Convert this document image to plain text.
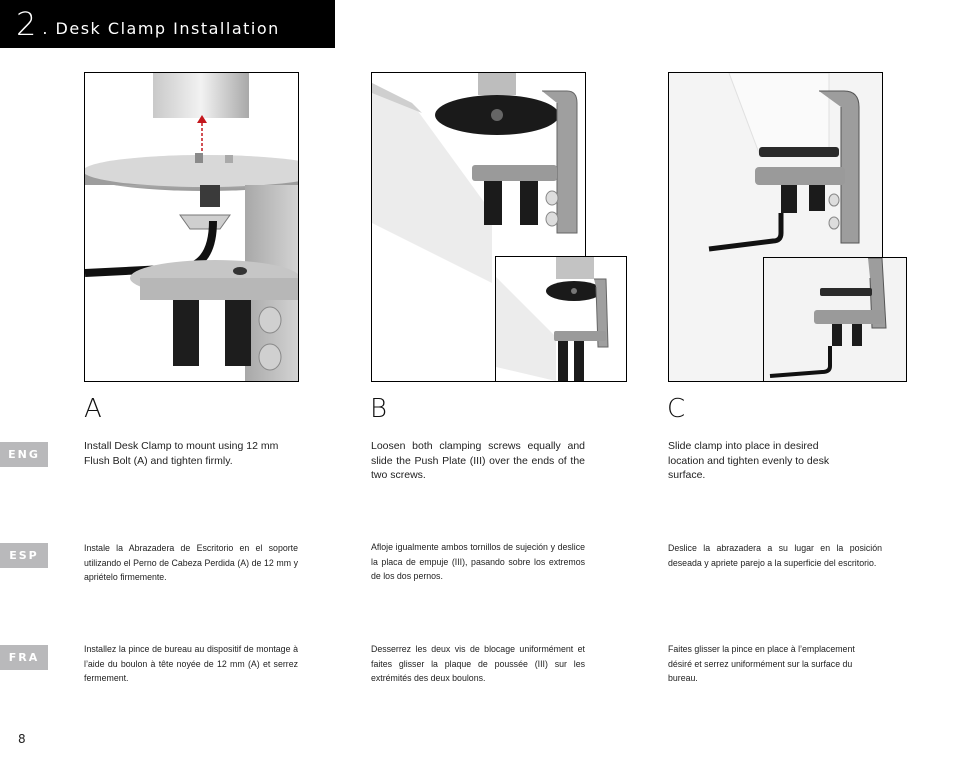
2 . Desk Clamp Installation
A	B	C
ENG
ESP
FRA
Install Desk Clamp to mount using 12 mm Flush Bolt (A) and tighten firmly.
Loosen both clamping screws equally and slide the Push Plate (III) over the ends of the two screws.
Slide clamp into place in desired location and tighten evenly to desk surface.
Instale la Abrazadera de Escritorio en el soporte utilizando el Perno de Cabeza Perdida (A) de 12 mm y apriételo firmemente.
Afloje igualmente ambos tornillos de sujeción y deslice la placa de empuje (III), pasando sobre los extremos de los dos pernos.
Deslice la abrazadera a su lugar en la posición deseada y apriete parejo a la superficie del escritorio.
Installez la pince de bureau au dispositif de montage à l’aide du boulon à tête noyée de 12 mm (A) et serrez fermement.
Desserrez les deux vis de blocage uniformément et faites glisser la plaque de poussée (III) sur les extrémités des deux boulons.
Faites glisser la pince en place à l’emplacement désiré et serrez uniformément sur la surface du bureau.
8
